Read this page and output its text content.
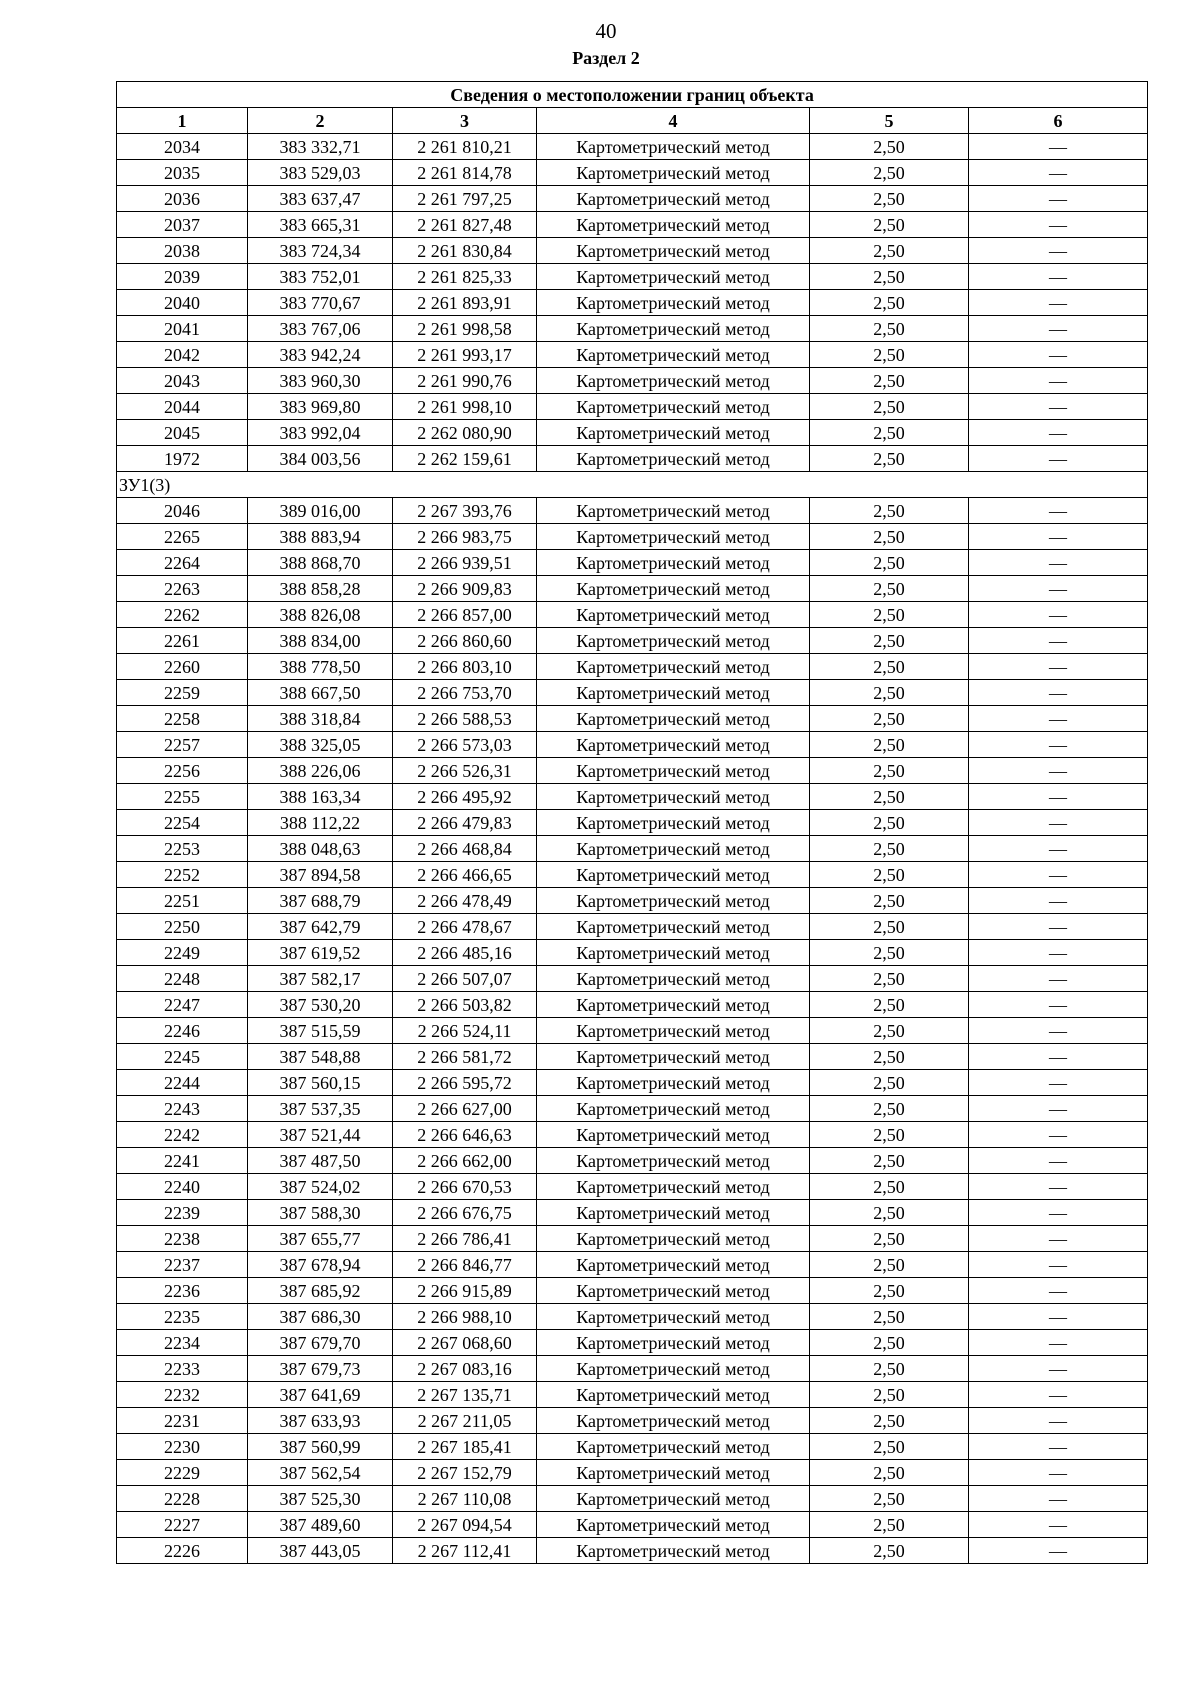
40
Раздел 2
Сведения о местоположении границ объекта					
1	2	3	4	5	6
2034	383 332,71	2 261 810,21	Картометрический метод	2,50	—
2035	383 529,03	2 261 814,78	Картометрический метод	2,50	—
2036	383 637,47	2 261 797,25	Картометрический метод	2,50	—
2037	383 665,31	2 261 827,48	Картометрический метод	2,50	—
2038	383 724,34	2 261 830,84	Картометрический метод	2,50	—
2039	383 752,01	2 261 825,33	Картометрический метод	2,50	—
2040	383 770,67	2 261 893,91	Картометрический метод	2,50	—
2041	383 767,06	2 261 998,58	Картометрический метод	2,50	—
2042	383 942,24	2 261 993,17	Картометрический метод	2,50	—
2043	383 960,30	2 261 990,76	Картометрический метод	2,50	—
2044	383 969,80	2 261 998,10	Картометрический метод	2,50	—
2045	383 992,04	2 262 080,90	Картометрический метод	2,50	—
1972	384 003,56	2 262 159,61	Картометрический метод	2,50	—
ЗУ1(3)					
2046	389 016,00	2 267 393,76	Картометрический метод	2,50	—
2265	388 883,94	2 266 983,75	Картометрический метод	2,50	—
2264	388 868,70	2 266 939,51	Картометрический метод	2,50	—
2263	388 858,28	2 266 909,83	Картометрический метод	2,50	—
2262	388 826,08	2 266 857,00	Картометрический метод	2,50	—
2261	388 834,00	2 266 860,60	Картометрический метод	2,50	—
2260	388 778,50	2 266 803,10	Картометрический метод	2,50	—
2259	388 667,50	2 266 753,70	Картометрический метод	2,50	—
2258	388 318,84	2 266 588,53	Картометрический метод	2,50	—
2257	388 325,05	2 266 573,03	Картометрический метод	2,50	—
2256	388 226,06	2 266 526,31	Картометрический метод	2,50	—
2255	388 163,34	2 266 495,92	Картометрический метод	2,50	—
2254	388 112,22	2 266 479,83	Картометрический метод	2,50	—
2253	388 048,63	2 266 468,84	Картометрический метод	2,50	—
2252	387 894,58	2 266 466,65	Картометрический метод	2,50	—
2251	387 688,79	2 266 478,49	Картометрический метод	2,50	—
2250	387 642,79	2 266 478,67	Картометрический метод	2,50	—
2249	387 619,52	2 266 485,16	Картометрический метод	2,50	—
2248	387 582,17	2 266 507,07	Картометрический метод	2,50	—
2247	387 530,20	2 266 503,82	Картометрический метод	2,50	—
2246	387 515,59	2 266 524,11	Картометрический метод	2,50	—
2245	387 548,88	2 266 581,72	Картометрический метод	2,50	—
2244	387 560,15	2 266 595,72	Картометрический метод	2,50	—
2243	387 537,35	2 266 627,00	Картометрический метод	2,50	—
2242	387 521,44	2 266 646,63	Картометрический метод	2,50	—
2241	387 487,50	2 266 662,00	Картометрический метод	2,50	—
2240	387 524,02	2 266 670,53	Картометрический метод	2,50	—
2239	387 588,30	2 266 676,75	Картометрический метод	2,50	—
2238	387 655,77	2 266 786,41	Картометрический метод	2,50	—
2237	387 678,94	2 266 846,77	Картометрический метод	2,50	—
2236	387 685,92	2 266 915,89	Картометрический метод	2,50	—
2235	387 686,30	2 266 988,10	Картометрический метод	2,50	—
2234	387 679,70	2 267 068,60	Картометрический метод	2,50	—
2233	387 679,73	2 267 083,16	Картометрический метод	2,50	—
2232	387 641,69	2 267 135,71	Картометрический метод	2,50	—
2231	387 633,93	2 267 211,05	Картометрический метод	2,50	—
2230	387 560,99	2 267 185,41	Картометрический метод	2,50	—
2229	387 562,54	2 267 152,79	Картометрический метод	2,50	—
2228	387 525,30	2 267 110,08	Картометрический метод	2,50	—
2227	387 489,60	2 267 094,54	Картометрический метод	2,50	—
2226	387 443,05	2 267 112,41	Картометрический метод	2,50	—
